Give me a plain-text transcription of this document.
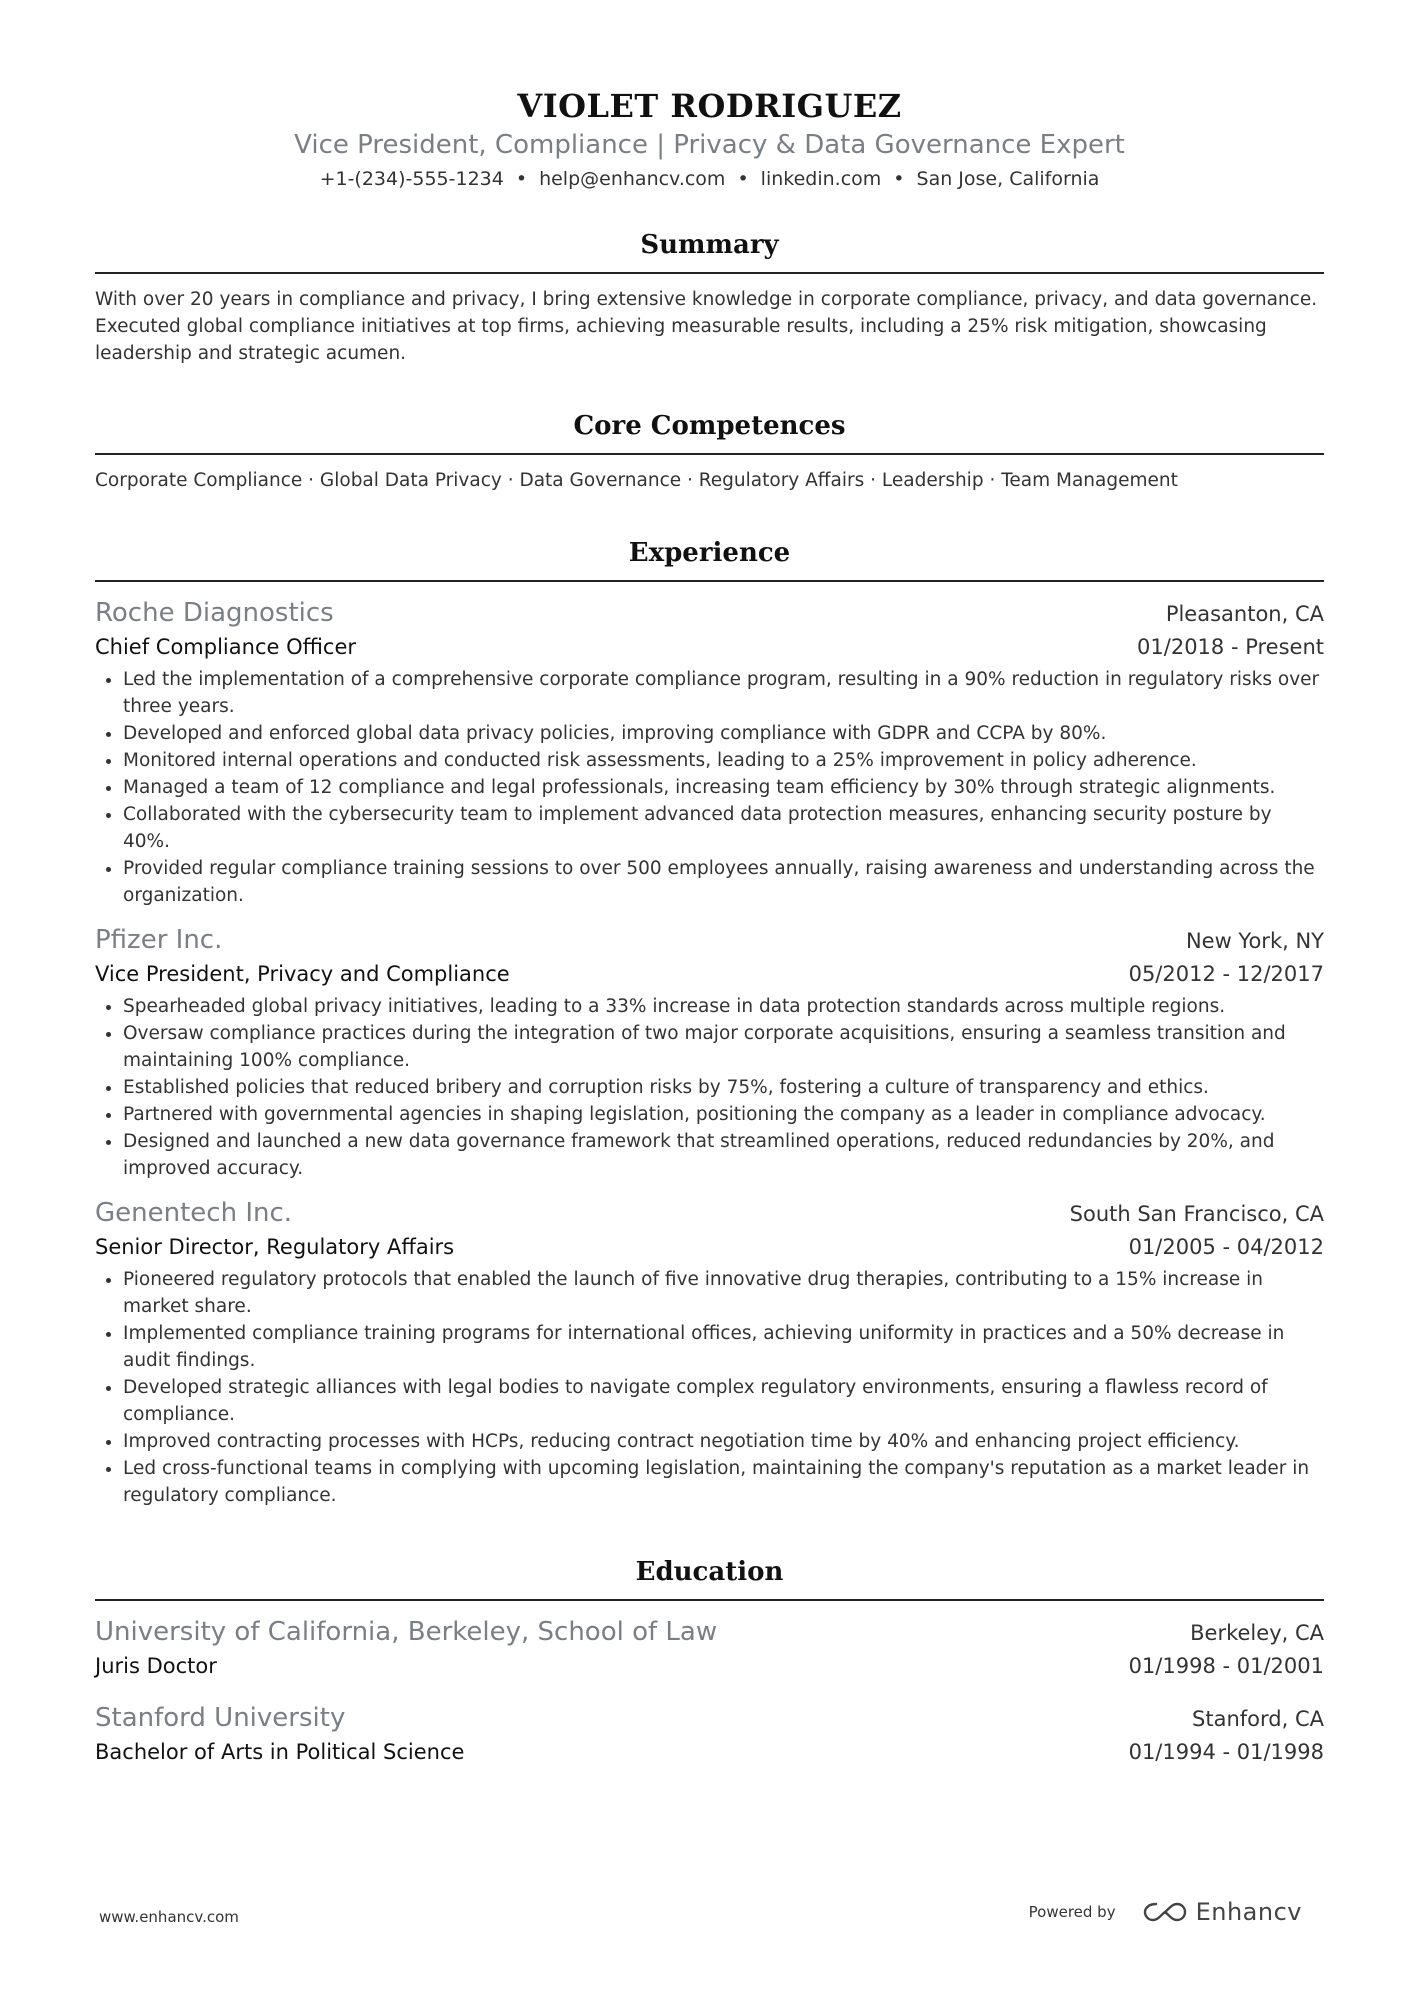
VIOLET RODRIGUEZ
Vice President, Compliance | Privacy & Data Governance Expert
+1-(234)-555-1234 • help@enhancv.com • linkedin.com • San Jose, California
Summary
With over 20 years in compliance and privacy, I bring extensive knowledge in corporate compliance, privacy, and data governance. Executed global compliance initiatives at top firms, achieving measurable results, including a 25% risk mitigation, showcasing leadership and strategic acumen.
Core Competences
Corporate Compliance · Global Data Privacy · Data Governance · Regulatory Affairs · Leadership · Team Management
Experience
Roche Diagnostics	Pleasanton, CA
Chief Compliance Officer	01/2018 - Present
• Led the implementation of a comprehensive corporate compliance program, resulting in a 90% reduction in regulatory risks over three years.
• Developed and enforced global data privacy policies, improving compliance with GDPR and CCPA by 80%.
• Monitored internal operations and conducted risk assessments, leading to a 25% improvement in policy adherence.
• Managed a team of 12 compliance and legal professionals, increasing team efficiency by 30% through strategic alignments.
• Collaborated with the cybersecurity team to implement advanced data protection measures, enhancing security posture by 40%.
• Provided regular compliance training sessions to over 500 employees annually, raising awareness and understanding across the organization.
Pfizer Inc.	New York, NY
Vice President, Privacy and Compliance	05/2012 - 12/2017
• Spearheaded global privacy initiatives, leading to a 33% increase in data protection standards across multiple regions.
• Oversaw compliance practices during the integration of two major corporate acquisitions, ensuring a seamless transition and maintaining 100% compliance.
• Established policies that reduced bribery and corruption risks by 75%, fostering a culture of transparency and ethics.
• Partnered with governmental agencies in shaping legislation, positioning the company as a leader in compliance advocacy.
• Designed and launched a new data governance framework that streamlined operations, reduced redundancies by 20%, and improved accuracy.
Genentech Inc.	South San Francisco, CA
Senior Director, Regulatory Affairs	01/2005 - 04/2012
• Pioneered regulatory protocols that enabled the launch of five innovative drug therapies, contributing to a 15% increase in market share.
• Implemented compliance training programs for international offices, achieving uniformity in practices and a 50% decrease in audit findings.
• Developed strategic alliances with legal bodies to navigate complex regulatory environments, ensuring a flawless record of compliance.
• Improved contracting processes with HCPs, reducing contract negotiation time by 40% and enhancing project efficiency.
• Led cross-functional teams in complying with upcoming legislation, maintaining the company's reputation as a market leader in regulatory compliance.
Education
University of California, Berkeley, School of Law	Berkeley, CA
Juris Doctor	01/1998 - 01/2001
Stanford University	Stanford, CA
Bachelor of Arts in Political Science	01/1994 - 01/1998
www.enhancv.com	Powered by	Enhancv
